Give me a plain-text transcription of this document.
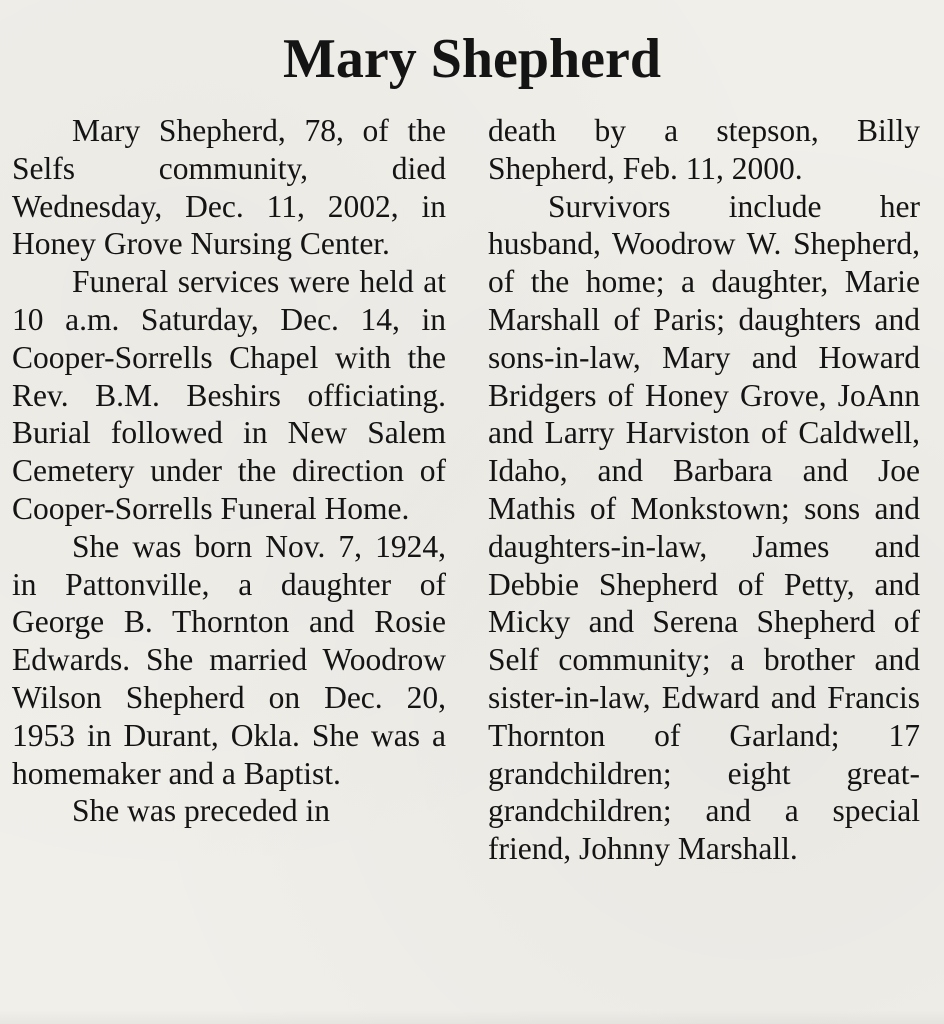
Mary Shepherd

Mary Shepherd, 78, of the Selfs community, died Wednesday, Dec. 11, 2002, in Honey Grove Nursing Center.

Funeral services were held at 10 a.m. Saturday, Dec. 14, in Cooper-Sorrells Chapel with the Rev. B.M. Beshirs officiating. Burial followed in New Salem Cemetery under the direction of Cooper-Sorrells Funeral Home.

She was born Nov. 7, 1924, in Pattonville, a daughter of George B. Thornton and Rosie Edwards. She married Woodrow Wilson Shepherd on Dec. 20, 1953 in Durant, Okla. She was a homemaker and a Baptist.

She was preceded in

death by a stepson, Billy Shepherd, Feb. 11, 2000.

Survivors include her husband, Woodrow W. Shepherd, of the home; a daughter, Marie Marshall of Paris; daughters and sons-in-law, Mary and Howard Bridgers of Honey Grove, JoAnn and Larry Harviston of Caldwell, Idaho, and Barbara and Joe Mathis of Monkstown; sons and daughters-in-law, James and Debbie Shepherd of Petty, and Micky and Serena Shepherd of Self community; a brother and sister-in-law, Edward and Francis Thornton of Garland; 17 grandchildren; eight great-grandchildren; and a special friend, Johnny Marshall.
